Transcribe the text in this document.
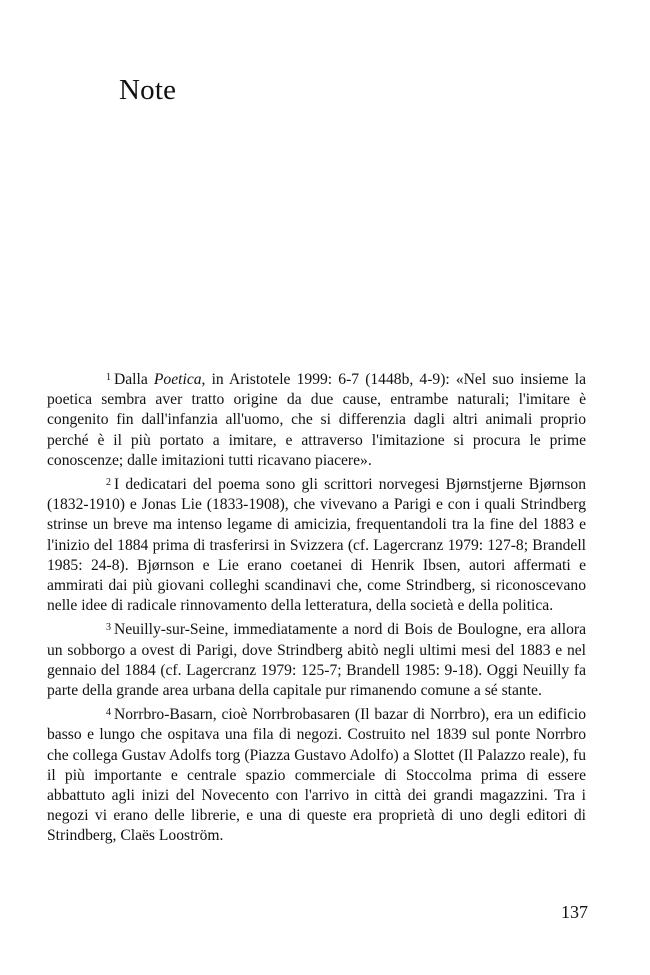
Note

$^1$ Dalla Poetica, in Aristotele 1999: 6-7 (1448b, 4-9): «Nel suo insieme la poetica sembra aver tratto origine da due cause, entrambe naturali; l'imitare è congenito fin dall'infanzia all'uomo, che si differenzia dagli altri animali proprio perché è il più portato a imitare, e attraverso l'imitazione si procura le prime conoscenze; dalle imitazioni tutti ricavano piacere».

$^2$ I dedicatari del poema sono gli scrittori norvegesi Bjørnstjerne Bjørnson (1832-1910) e Jonas Lie (1833-1908), che vivevano a Parigi e con i quali Strindberg strinse un breve ma intenso legame di amicizia, frequentandoli tra la fine del 1883 e l'inizio del 1884 prima di trasferirsi in Svizzera (cf. Lagercranz 1979: 127-8; Brandell 1985: 24-8). Bjørnson e Lie erano coetanei di Henrik Ibsen, autori affermati e ammirati dai più giovani colleghi scandinavi che, come Strindberg, si riconoscevano nelle idee di radicale rinnovamento della letteratura, della società e della politica.

$^3$ Neuilly-sur-Seine, immediatamente a nord di Bois de Boulogne, era allora un sobborgo a ovest di Parigi, dove Strindberg abitò negli ultimi mesi del 1883 e nel gennaio del 1884 (cf. Lagercranz 1979: 125-7; Brandell 1985: 9-18). Oggi Neuilly fa parte della grande area urbana della capitale pur rimanendo comune a sé stante.

$^4$ Norrbro-Basarn, cioè Norrbrobasaren (Il bazar di Norrbro), era un edificio basso e lungo che ospitava una fila di negozi. Costruito nel 1839 sul ponte Norrbro che collega Gustav Adolfs torg (Piazza Gustavo Adolfo) a Slottet (Il Palazzo reale), fu il più importante e centrale spazio commerciale di Stoccolma prima di essere abbattuto agli inizi del Novecento con l'arrivo in città dei grandi magazzini. Tra i negozi vi erano delle librerie, e una di queste era proprietà di uno degli editori di Strindberg, Claës Looström.

137
